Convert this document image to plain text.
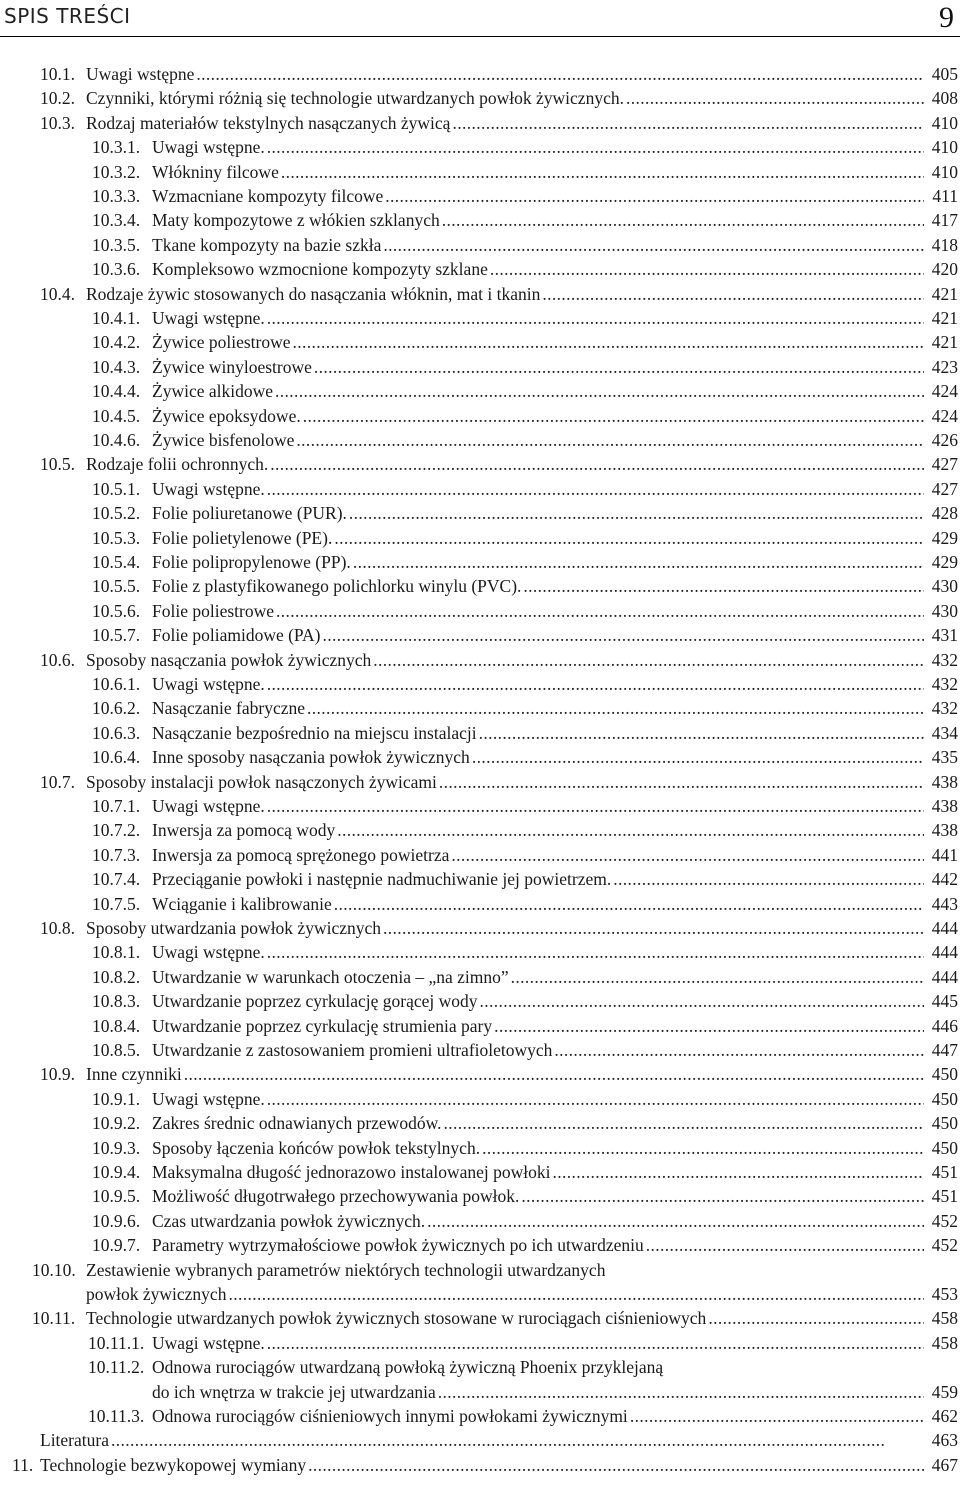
SPIS TREŚCI	9
10.1. Uwagi wstępne . . .	405
10.2. Czynniki, którymi różnią się technologie utwardzanych powłok żywicznych. . . .	408
10.3. Rodzaj materiałów tekstylnych nasączanych żywicą . . .	410
10.3.1. Uwagi wstępne. . . .	410
10.3.2. Włókniny filcowe . . .	410
10.3.3. Wzmacniane kompozyty filcowe . . .	411
10.3.4. Maty kompozytowe z włókien szklanych . . .	417
10.3.5. Tkane kompozyty na bazie szkła . . .	418
10.3.6. Kompleksowo wzmocnione kompozyty szklane . . .	420
10.4. Rodzaje żywic stosowanych do nasączania włóknin, mat i tkanin . . .	421
10.4.1. Uwagi wstępne. . . .	421
10.4.2. Żywice poliestrowe . . .	421
10.4.3. Żywice winyloestrowe . . .	423
10.4.4. Żywice alkidowe . . .	424
10.4.5. Żywice epoksydowe. . . .	424
10.4.6. Żywice bisfenolowe . . .	426
10.5. Rodzaje folii ochronnych. . . .	427
10.5.1. Uwagi wstępne. . . .	427
10.5.2. Folie poliuretanowe (PUR). . . .	428
10.5.3. Folie polietylenowe (PE). . . .	429
10.5.4. Folie polipropylenowe (PP). . . .	429
10.5.5. Folie z plastyfikowanego polichlorku winylu (PVC). . . .	430
10.5.6. Folie poliestrowe . . .	430
10.5.7. Folie poliamidowe (PA) . . .	431
10.6. Sposoby nasączania powłok żywicznych . . .	432
10.6.1. Uwagi wstępne. . . .	432
10.6.2. Nasączanie fabryczne . . .	432
10.6.3. Nasączanie bezpośrednio na miejscu instalacji . . .	434
10.6.4. Inne sposoby nasączania powłok żywicznych . . .	435
10.7. Sposoby instalacji powłok nasączonych żywicami . . .	438
10.7.1. Uwagi wstępne. . . .	438
10.7.2. Inwersja za pomocą wody . . .	438
10.7.3. Inwersja za pomocą sprężonego powietrza . . .	441
10.7.4. Przeciąganie powłoki i następnie nadmuchiwanie jej powietrzem. . . .	442
10.7.5. Wciąganie i kalibrowanie . . .	443
10.8. Sposoby utwardzania powłok żywicznych . . .	444
10.8.1. Uwagi wstępne. . . .	444
10.8.2. Utwardzanie w warunkach otoczenia – „na zimno” . . .	444
10.8.3. Utwardzanie poprzez cyrkulację gorącej wody . . .	445
10.8.4. Utwardzanie poprzez cyrkulację strumienia pary . . .	446
10.8.5. Utwardzanie z zastosowaniem promieni ultrafioletowych . . .	447
10.9. Inne czynniki . . .	450
10.9.1. Uwagi wstępne. . . .	450
10.9.2. Zakres średnic odnawianych przewodów. . . .	450
10.9.3. Sposoby łączenia końców powłok tekstylnych. . . .	450
10.9.4. Maksymalna długość jednorazowo instalowanej powłoki . . .	451
10.9.5. Możliwość długotrwałego przechowywania powłok. . . .	451
10.9.6. Czas utwardzania powłok żywicznych. . . .	452
10.9.7. Parametry wytrzymałościowe powłok żywicznych po ich utwardzeniu . . .	452
10.10. Zestawienie wybranych parametrów niektórych technologii utwardzanych
powłok żywicznych . . .	453
10.11. Technologie utwardzanych powłok żywicznych stosowane w rurociągach ciśnieniowych . . .	458
10.11.1. Uwagi wstępne. . . .	458
10.11.2. Odnowa rurociągów utwardzaną powłoką żywiczną Phoenix przyklejaną
do ich wnętrza w trakcie jej utwardzania . . .	459
10.11.3. Odnowa rurociągów ciśnieniowych innymi powłokami żywicznymi . . .	462
Literatura . . .	463
11. Technologie bezwykopowej wymiany . . .	467
